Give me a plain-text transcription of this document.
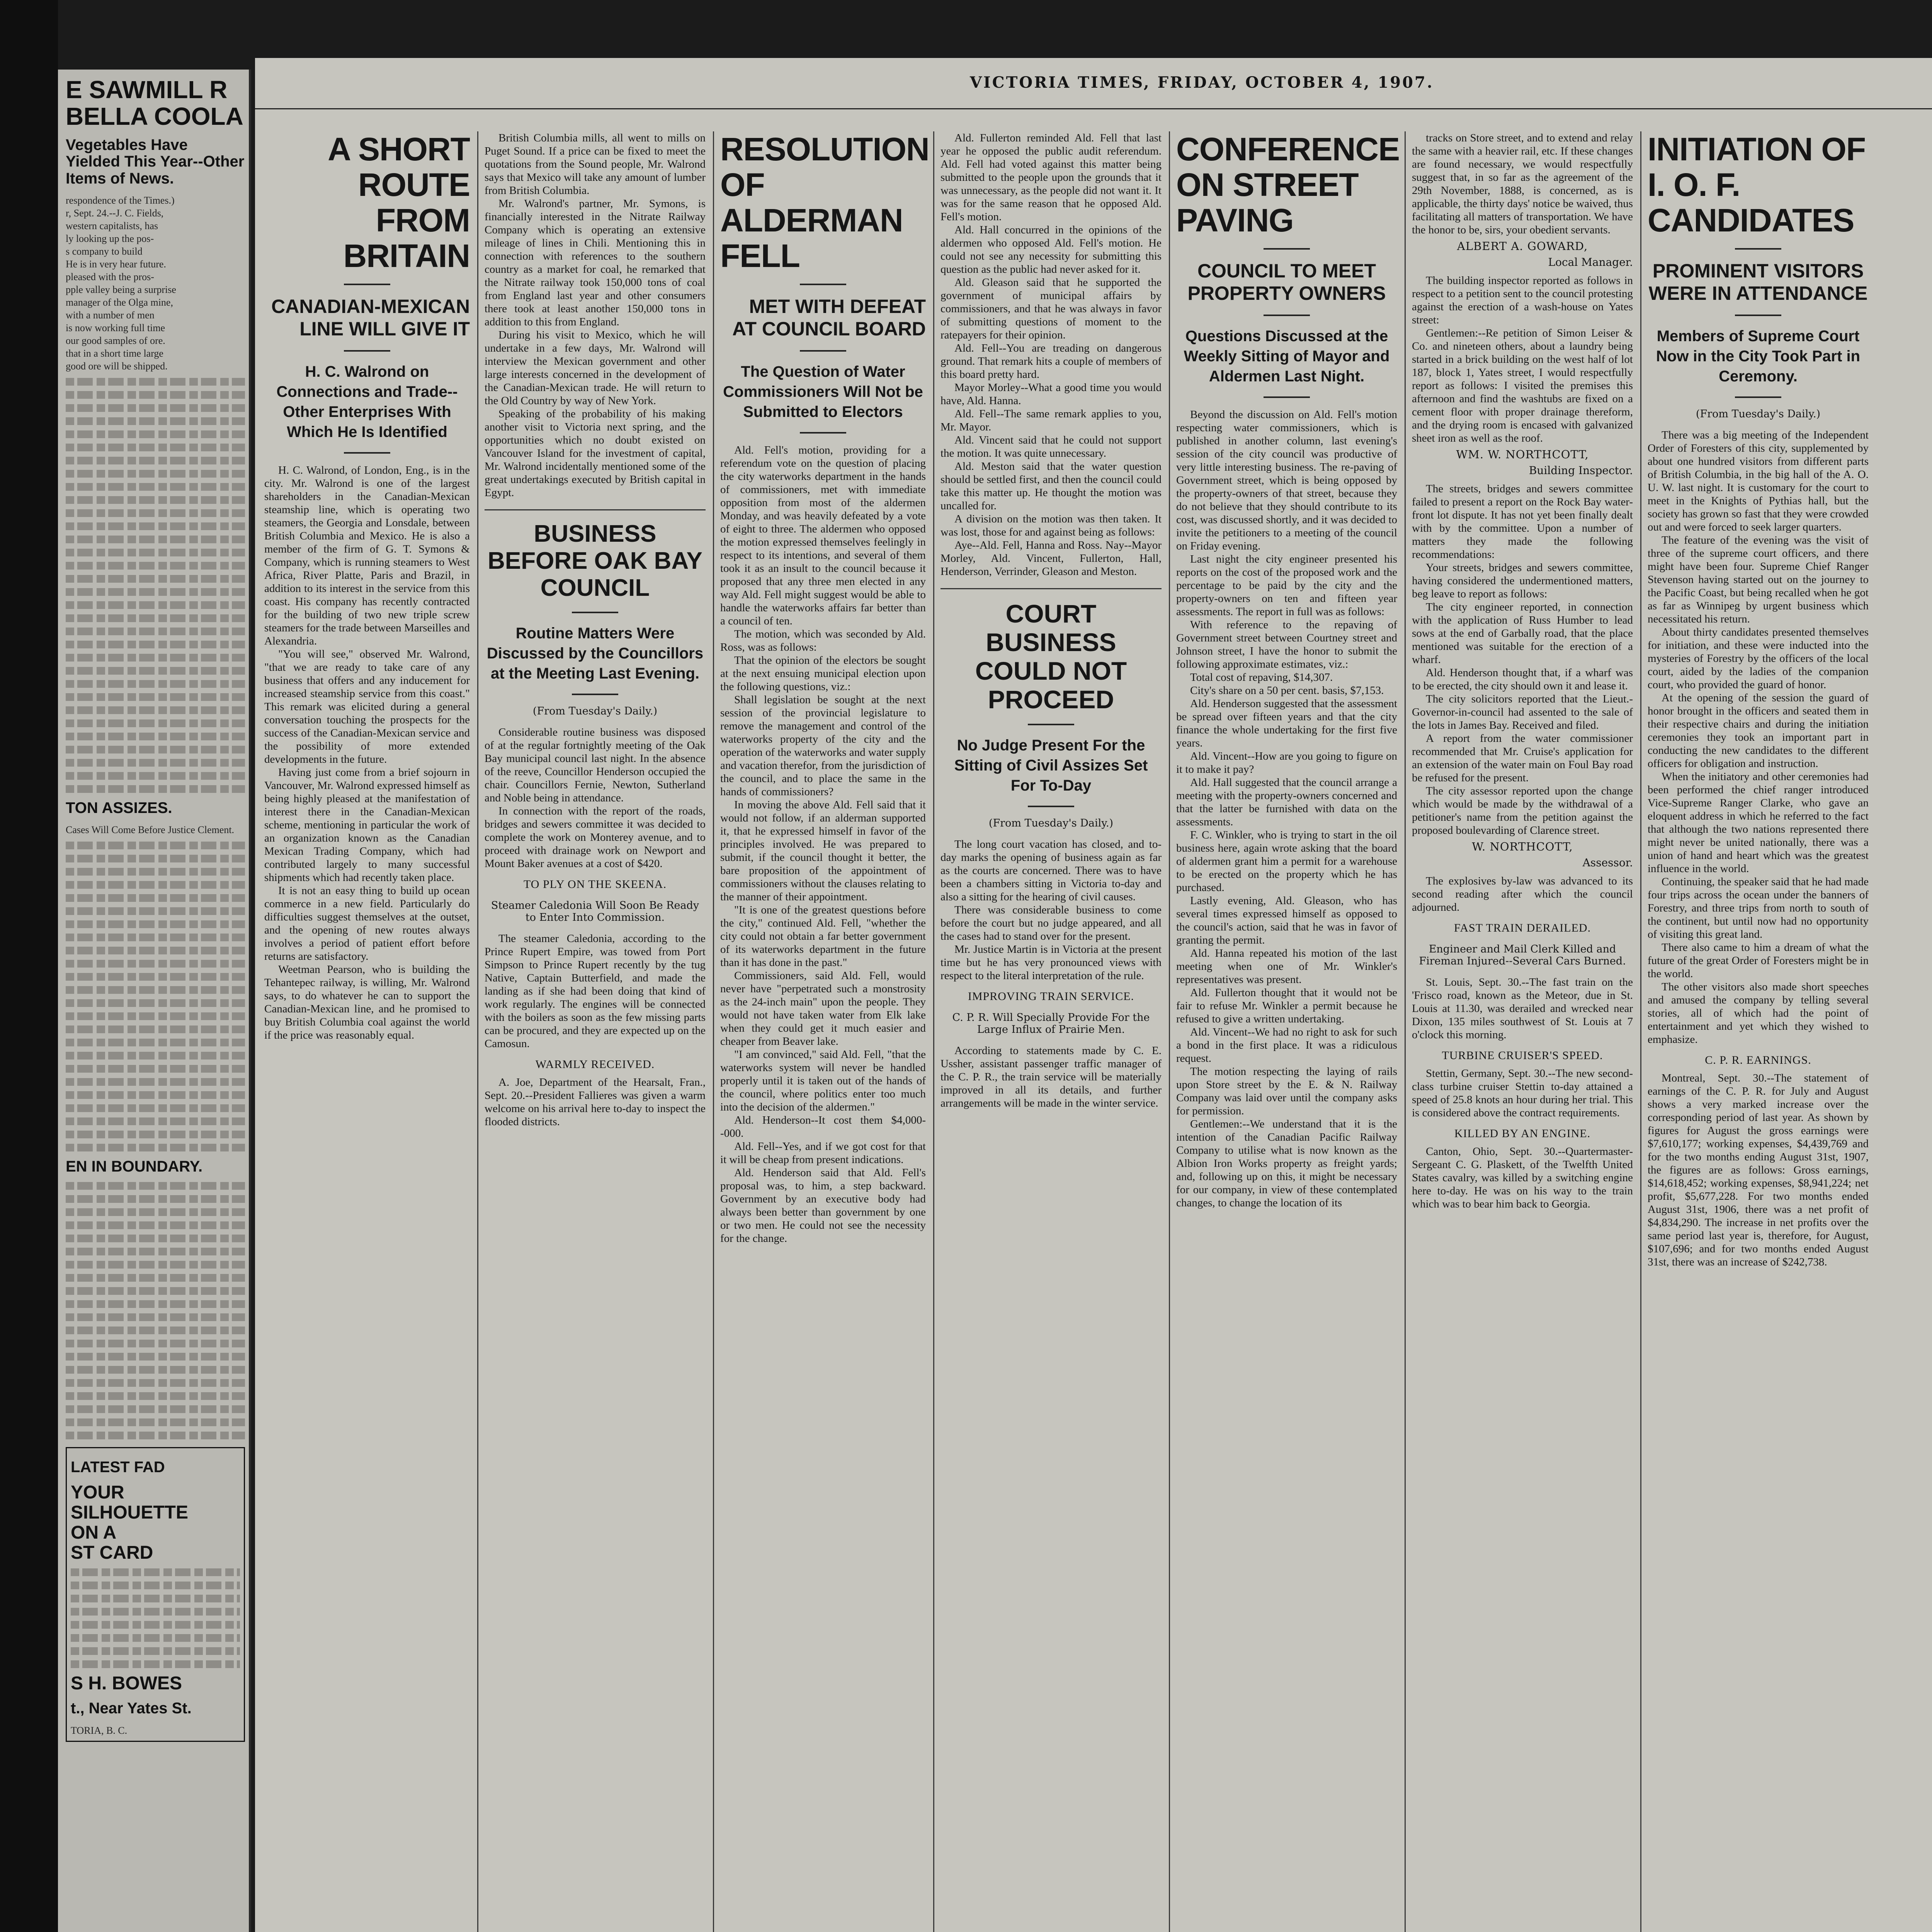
E SAWMILL R BELLA COOLA
Vegetables Have Yielded This Year--Other Items of News.
respondence of the Times.)
r, Sept. 24.--J. C. Fields,
western capitalists, has
ly looking up the pos-
s company to build
He is in very hear future.
pleased with the pros-
pple valley being a surprise
manager of the Olga mine,
with a number of men
is now working full time
our good samples of ore.
that in a short time large
good ore will be shipped.
TON ASSIZES.
Cases Will Come Before Justice Clement.
EN IN BOUNDARY.
LATEST FAD
YOUR
SILHOUETTE
ON A
ST CARD
S H. BOWES
t., Near Yates St.
TORIA, B. C.
VICTORIA TIMES, FRIDAY, OCTOBER 4, 1907.
A SHORT ROUTE FROM BRITAIN
CANADIAN-MEXICAN LINE WILL GIVE IT
H. C. Walrond on Connections and Trade--Other Enterprises With Which He Is Identified

H. C. Walrond, of London, Eng., is in the city. Mr. Walrond is one of the largest shareholders in the Canadian-Mexican steamship line, which is operating two steamers, the Georgia and Lonsdale, between British Columbia and Mexico. He is also a member of the firm of G. T. Symons & Company, which is running steamers to West Africa, River Platte, Paris and Brazil, in addition to its interest in the service from this coast. His company has recently contracted for the building of two new triple screw steamers for the trade between Marseilles and Alexandria.

"You will see," observed Mr. Walrond, "that we are ready to take care of any business that offers and any inducement for increased steamship service from this coast." This remark was elicited during a general conversation touching the prospects for the success of the Canadian-Mexican service and the possibility of more extended developments in the future.

Having just come from a brief sojourn in Vancouver, Mr. Walrond expressed himself as being highly pleased at the manifestation of interest there in the Canadian-Mexican scheme, mentioning in particular the work of an organization known as the Canadian Mexican Trading Company, which had contributed largely to many successful shipments which had recently taken place.

It is not an easy thing to build up ocean commerce in a new field. Particularly do difficulties suggest themselves at the outset, and the opening of new routes always involves a period of patient effort before returns are satisfactory.

Weetman Pearson, who is building the Tehantepec railway, is willing, Mr. Walrond says, to do whatever he can to support the Canadian-Mexican line, and he promised to buy British Columbia coal against the world if the price was reasonably equal.

British Columbia mills, all went to mills on Puget Sound. If a price can be fixed to meet the quotations from the Sound people, Mr. Walrond says that Mexico will take any amount of lumber from British Columbia.

Mr. Walrond's partner, Mr. Symons, is financially interested in the Nitrate Railway Company which is operating an extensive mileage of lines in Chili. Mentioning this in connection with references to the southern country as a market for coal, he remarked that the Nitrate railway took 150,000 tons of coal from England last year and other consumers there took at least another 150,000 tons in addition to this from England.

During his visit to Mexico, which he will undertake in a few days, Mr. Walrond will interview the Mexican government and other large interests concerned in the development of the Canadian-Mexican trade. He will return to the Old Country by way of New York.

Speaking of the probability of his making another visit to Victoria next spring, and the opportunities which no doubt existed on Vancouver Island for the investment of capital, Mr. Walrond incidentally mentioned some of the great undertakings executed by British capital in Egypt.

BUSINESS BEFORE OAK BAY COUNCIL
Routine Matters Were Discussed by the Councillors at the Meeting Last Evening.
(From Tuesday's Daily.)

Considerable routine business was disposed of at the regular fortnightly meeting of the Oak Bay municipal council last night. In the absence of the reeve, Councillor Henderson occupied the chair. Councillors Fernie, Newton, Sutherland and Noble being in attendance.

In connection with the report of the roads, bridges and sewers committee it was decided to complete the work on Monterey avenue, and to proceed with drainage work on Newport and Mount Baker avenues at a cost of $420.

TO PLY ON THE SKEENA.
Steamer Caledonia Will Soon Be Ready to Enter Into Commission.

The steamer Caledonia, according to the Prince Rupert Empire, was towed from Port Simpson to Prince Rupert recently by the tug Native, Captain Butterfield, and made the landing as if she had been doing that kind of work regularly. The engines will be connected with the boilers as soon as the few missing parts can be procured, and they are expected up on the Camosun.

WARMLY RECEIVED.

A. Joe, Department of the Hearsalt, Fran., Sept. 20.--President Fallieres was given a warm welcome on his arrival here to-day to inspect the flooded districts.

RESOLUTION OF ALDERMAN FELL
MET WITH DEFEAT AT COUNCIL BOARD
The Question of Water Commissioners Will Not be Submitted to Electors

Ald. Fell's motion, providing for a referendum vote on the question of placing the city waterworks department in the hands of commissioners, met with immediate opposition from most of the aldermen Monday, and was heavily defeated by a vote of eight to three. The aldermen who opposed the motion expressed themselves feelingly in respect to its intentions, and several of them took it as an insult to the council because it proposed that any three men elected in any way Ald. Fell might suggest would be able to handle the waterworks affairs far better than a council of ten.

The motion, which was seconded by Ald. Ross, was as follows:

That the opinion of the electors be sought at the next ensuing municipal election upon the following questions, viz.:

Shall legislation be sought at the next session of the provincial legislature to remove the management and control of the waterworks property of the city and the operation of the waterworks and water supply and vacation therefor, from the jurisdiction of the council, and to place the same in the hands of commissioners?

In moving the above Ald. Fell said that it would not follow, if an alderman supported it, that he expressed himself in favor of the principles involved. He was prepared to submit, if the council thought it better, the bare proposition of the appointment of commissioners without the clauses relating to the manner of their appointment.

"It is one of the greatest questions before the city," continued Ald. Fell, "whether the city could not obtain a far better government of its waterworks department in the future than it has done in the past."

Commissioners, said Ald. Fell, would never have "perpetrated such a monstrosity as the 24-inch main" upon the people. They would not have taken water from Elk lake when they could get it much easier and cheaper from Beaver lake.

"I am convinced," said Ald. Fell, "that the waterworks system will never be handled properly until it is taken out of the hands of the council, where politics enter too much into the decision of the aldermen."

Ald. Henderson--It cost them $4,000--000.

Ald. Fell--Yes, and if we got cost for that it will be cheap from present indications.

Ald. Henderson said that Ald. Fell's proposal was, to him, a step backward. Government by an executive body had always been better than government by one or two men. He could not see the necessity for the change.

Ald. Fullerton reminded Ald. Fell that last year he opposed the public audit referendum. Ald. Fell had voted against this matter being submitted to the people upon the grounds that it was unnecessary, as the people did not want it. It was for the same reason that he opposed Ald. Fell's motion.

Ald. Hall concurred in the opinions of the aldermen who opposed Ald. Fell's motion. He could not see any necessity for submitting this question as the public had never asked for it.

Ald. Gleason said that he supported the government of municipal affairs by commissioners, and that he was always in favor of submitting questions of moment to the ratepayers for their opinion.

Ald. Fell--You are treading on dangerous ground. That remark hits a couple of members of this board pretty hard.

Mayor Morley--What a good time you would have, Ald. Hanna.

Ald. Fell--The same remark applies to you, Mr. Mayor.

Ald. Vincent said that he could not support the motion. It was quite unnecessary.

Ald. Meston said that the water question should be settled first, and then the council could take this matter up. He thought the motion was uncalled for.

A division on the motion was then taken. It was lost, those for and against being as follows:

Aye--Ald. Fell, Hanna and Ross. Nay--Mayor Morley, Ald. Vincent, Fullerton, Hall, Henderson, Verrinder, Gleason and Meston.

COURT BUSINESS COULD NOT PROCEED
No Judge Present For the Sitting of Civil Assizes Set For To-Day
(From Tuesday's Daily.)

The long court vacation has closed, and to-day marks the opening of business again as far as the courts are concerned. There was to have been a chambers sitting in Victoria to-day and also a sitting for the hearing of civil causes.

There was considerable business to come before the court but no judge appeared, and all the cases had to stand over for the present.

Mr. Justice Martin is in Victoria at the present time but he has very pronounced views with respect to the literal interpretation of the rule.

IMPROVING TRAIN SERVICE.
C. P. R. Will Specially Provide For the Large Influx of Prairie Men.

According to statements made by C. E. Ussher, assistant passenger traffic manager of the C. P. R., the train service will be materially improved in all its details, and further arrangements will be made in the winter service.

CONFERENCE ON STREET PAVING
COUNCIL TO MEET PROPERTY OWNERS
Questions Discussed at the Weekly Sitting of Mayor and Aldermen Last Night.

Beyond the discussion on Ald. Fell's motion respecting water commissioners, which is published in another column, last evening's session of the city council was productive of very little interesting business. The re-paving of Government street, which is being opposed by the property-owners of that street, because they do not believe that they should contribute to its cost, was discussed shortly, and it was decided to invite the petitioners to a meeting of the council on Friday evening.

Last night the city engineer presented his reports on the cost of the proposed work and the percentage to be paid by the city and the property-owners on ten and fifteen year assessments. The report in full was as follows:

With reference to the repaving of Government street between Courtney street and Johnson street, I have the honor to submit the following approximate estimates, viz.:

Total cost of repaving, $14,307.

City's share on a 50 per cent. basis, $7,153.

Ald. Henderson suggested that the assessment be spread over fifteen years and that the city finance the whole undertaking for the first five years.

Ald. Vincent--How are you going to figure on it to make it pay?

Ald. Hall suggested that the council arrange a meeting with the property-owners concerned and that the latter be furnished with data on the assessments.

F. C. Winkler, who is trying to start in the oil business here, again wrote asking that the board of aldermen grant him a permit for a warehouse to be erected on the property which he has purchased.

Lastly evening, Ald. Gleason, who has several times expressed himself as opposed to the council's action, said that he was in favor of granting the permit.

Ald. Hanna repeated his motion of the last meeting when one of Mr. Winkler's representatives was present.

Ald. Fullerton thought that it would not be fair to refuse Mr. Winkler a permit because he refused to give a written undertaking.

Ald. Vincent--We had no right to ask for such a bond in the first place. It was a ridiculous request.

The motion respecting the laying of rails upon Store street by the E. & N. Railway Company was laid over until the company asks for permission.

Gentlemen:--We understand that it is the intention of the Canadian Pacific Railway Company to utilise what is now known as the Albion Iron Works property as freight yards; and, following up on this, it might be necessary for our company, in view of these contemplated changes, to change the location of its

tracks on Store street, and to extend and relay the same with a heavier rail, etc. If these changes are found necessary, we would respectfully suggest that, in so far as the agreement of the 29th November, 1888, is concerned, as is applicable, the thirty days' notice be waived, thus facilitating all matters of transportation. We have the honor to be, sirs, your obedient servants.

ALBERT A. GOWARD,
Local Manager.

The building inspector reported as follows in respect to a petition sent to the council protesting against the erection of a wash-house on Yates street:

Gentlemen:--Re petition of Simon Leiser & Co. and nineteen others, about a laundry being started in a brick building on the west half of lot 187, block 1, Yates street, I would respectfully report as follows: I visited the premises this afternoon and find the washtubs are fixed on a cement floor with proper drainage thereform, and the drying room is encased with galvanized sheet iron as well as the roof.

WM. W. NORTHCOTT,
Building Inspector.

The streets, bridges and sewers committee failed to present a report on the Rock Bay water-front lot dispute. It has not yet been finally dealt with by the committee. Upon a number of matters they made the following recommendations:

Your streets, bridges and sewers committee, having considered the undermentioned matters, beg leave to report as follows:

The city engineer reported, in connection with the application of Russ Humber to lead sows at the end of Garbally road, that the place mentioned was suitable for the erection of a wharf.

Ald. Henderson thought that, if a wharf was to be erected, the city should own it and lease it.

The city solicitors reported that the Lieut.-Governor-in-council had assented to the sale of the lots in James Bay. Received and filed.

A report from the water commissioner recommended that Mr. Cruise's application for an extension of the water main on Foul Bay road be refused for the present.

The city assessor reported upon the change which would be made by the withdrawal of a petitioner's name from the petition against the proposed boulevarding of Clarence street.

W. NORTHCOTT,
Assessor.

The explosives by-law was advanced to its second reading after which the council adjourned.

FAST TRAIN DERAILED.
Engineer and Mail Clerk Killed and Fireman Injured--Several Cars Burned.

St. Louis, Sept. 30.--The fast train on the 'Frisco road, known as the Meteor, due in St. Louis at 11.30, was derailed and wrecked near Dixon, 135 miles southwest of St. Louis at 7 o'clock this morning.

TURBINE CRUISER'S SPEED.

Stettin, Germany, Sept. 30.--The new second-class turbine cruiser Stettin to-day attained a speed of 25.8 knots an hour during her trial. This is considered above the contract requirements.

KILLED BY AN ENGINE.

Canton, Ohio, Sept. 30.--Quartermaster-Sergeant C. G. Plaskett, of the Twelfth United States cavalry, was killed by a switching engine here to-day. He was on his way to the train which was to bear him back to Georgia.

INITIATION OF I. O. F. CANDIDATES
PROMINENT VISITORS WERE IN ATTENDANCE
Members of Supreme Court Now in the City Took Part in Ceremony.
(From Tuesday's Daily.)

There was a big meeting of the Independent Order of Foresters of this city, supplemented by about one hundred visitors from different parts of British Columbia, in the big hall of the A. O. U. W. last night. It is customary for the court to meet in the Knights of Pythias hall, but the society has grown so fast that they were crowded out and were forced to seek larger quarters.

The feature of the evening was the visit of three of the supreme court officers, and there might have been four. Supreme Chief Ranger Stevenson having started out on the journey to the Pacific Coast, but being recalled when he got as far as Winnipeg by urgent business which necessitated his return.

About thirty candidates presented themselves for initiation, and these were inducted into the mysteries of Forestry by the officers of the local court, aided by the ladies of the companion court, who provided the guard of honor.

At the opening of the session the guard of honor brought in the officers and seated them in their respective chairs and during the initiation ceremonies they took an important part in conducting the new candidates to the different officers for obligation and instruction.

When the initiatory and other ceremonies had been performed the chief ranger introduced Vice-Supreme Ranger Clarke, who gave an eloquent address in which he referred to the fact that although the two nations represented there might never be united nationally, there was a union of hand and heart which was the greatest influence in the world.

Continuing, the speaker said that he had made four trips across the ocean under the banners of Forestry, and three trips from north to south of the continent, but until now had no opportunity of visiting this great land.

There also came to him a dream of what the future of the great Order of Foresters might be in the world.

The other visitors also made short speeches and amused the company by telling several stories, all of which had the point of entertainment and yet which they wished to emphasize.

C. P. R. EARNINGS.

Montreal, Sept. 30.--The statement of earnings of the C. P. R. for July and August shows a very marked increase over the corresponding period of last year. As shown by figures for August the gross earnings were $7,610,177; working expenses, $4,439,769 and for the two months ending August 31st, 1907, the figures are as follows: Gross earnings, $14,618,452; working expenses, $8,941,224; net profit, $5,677,228. For two months ended August 31st, 1906, there was a net profit of $4,834,290. The increase in net profits over the same period last year is, therefore, for August, $107,696; and for two months ended August 31st, there was an increase of $242,738.
